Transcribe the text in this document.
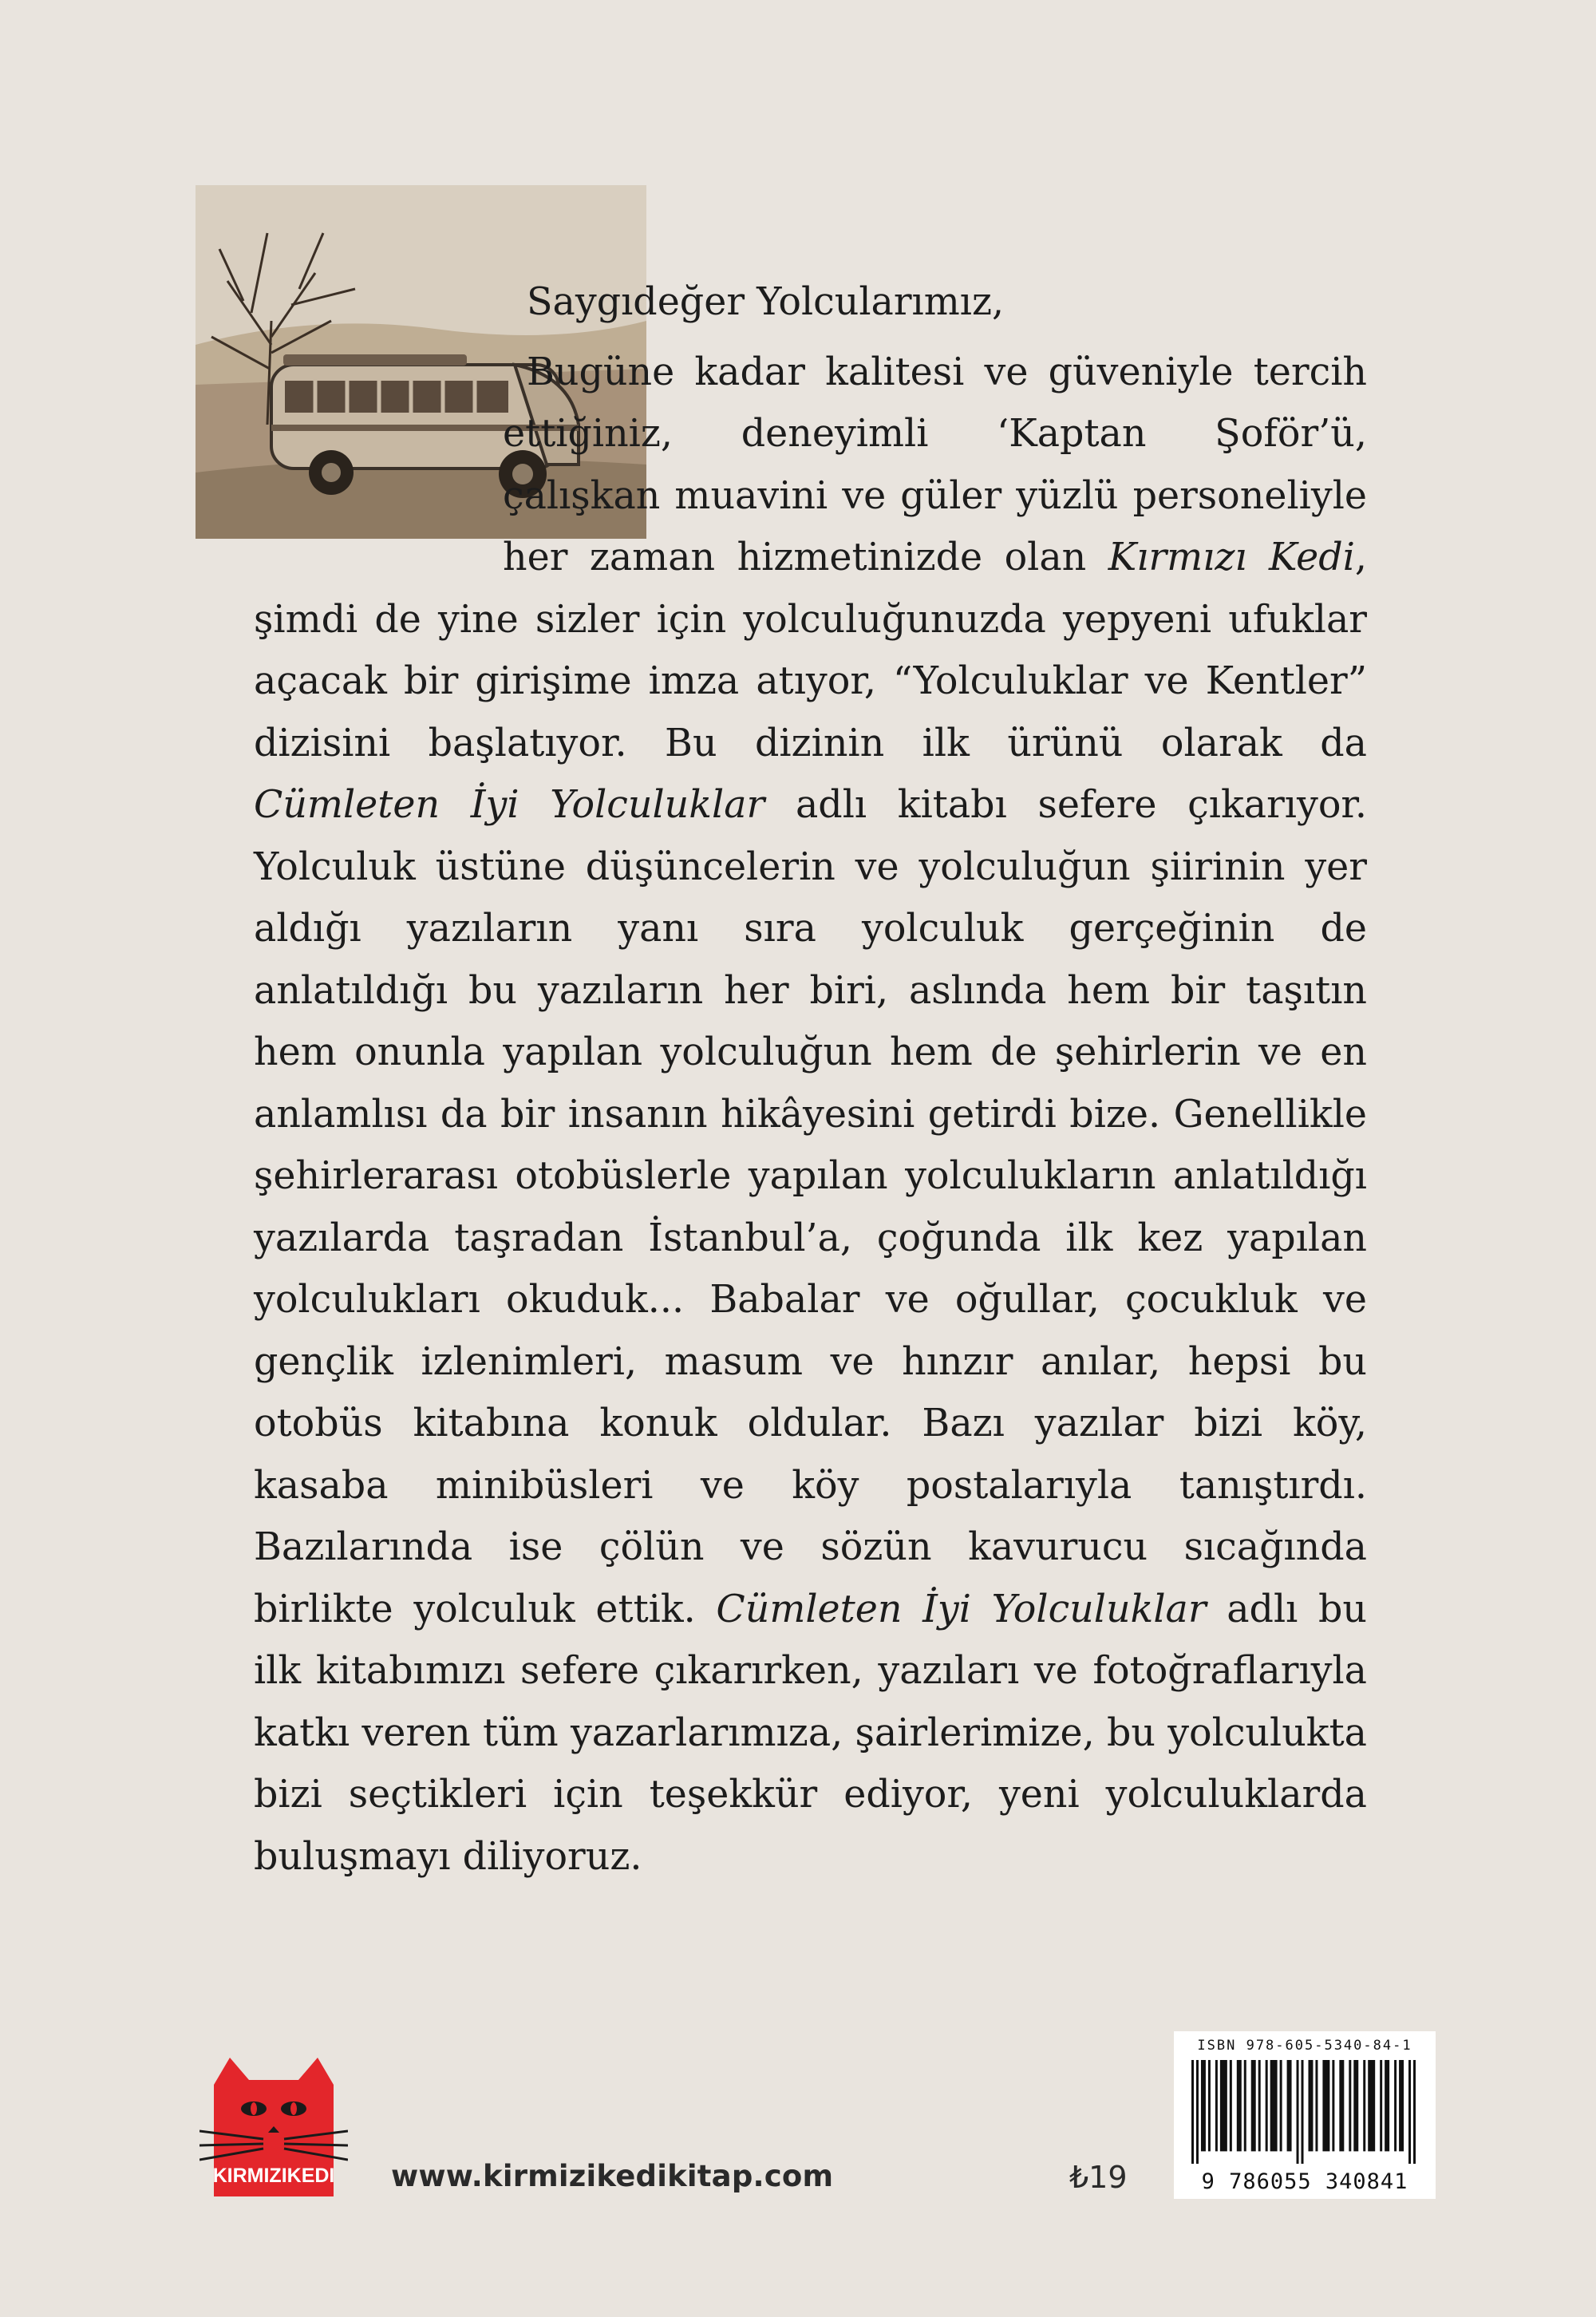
Saygıdeğer Yolcularımız,

Bugüne kadar kalitesi ve güveniyle tercih ettiğiniz, deneyimli ‘Kaptan Şoför’ü, çalışkan muavini ve güler yüzlü personeliyle her zaman hizmetinizde olan Kırmızı Kedi, şimdi de yine sizler için yolculuğunuzda yepyeni ufuklar açacak bir girişime imza atıyor, “Yolculuklar ve Kentler” dizisini başlatıyor. Bu dizinin ilk ürünü olarak da Cümleten İyi Yolculuklar adlı kitabı sefere çıkarıyor. Yolculuk üstüne düşüncelerin ve yolculuğun şiirinin yer aldığı yazıların yanı sıra yolculuk gerçeğinin de anlatıldığı bu yazıların her biri, aslında hem bir taşıtın hem onunla yapılan yolculuğun hem de şehirlerin ve en anlamlısı da bir insanın hikâyesini getirdi bize. Genellikle şehirlerarası otobüslerle yapılan yolculukların anlatıldığı yazılarda taşradan İstanbul’a, çoğunda ilk kez yapılan yolculukları okuduk... Babalar ve oğullar, çocukluk ve gençlik izlenimleri, masum ve hınzır anılar, hepsi bu otobüs kitabına konuk oldular. Bazı yazılar bizi köy, kasaba minibüsleri ve köy postalarıyla tanıştırdı. Bazılarında ise çölün ve sözün kavurucu sıcağında birlikte yolculuk ettik. Cümleten İyi Yolculuklar adlı bu ilk kitabımızı sefere çıkarırken, yazıları ve fotoğraflarıyla katkı veren tüm yazarlarımıza, şairlerimize, bu yolculukta bizi seçtikleri için teşekkür ediyor, yeni yolculuklarda buluşmayı diliyoruz.

KIRMIZIKEDI www.kirmizikedikitap.com	₺19
ISBN 978-605-5340-84-1
9 786055 340841
